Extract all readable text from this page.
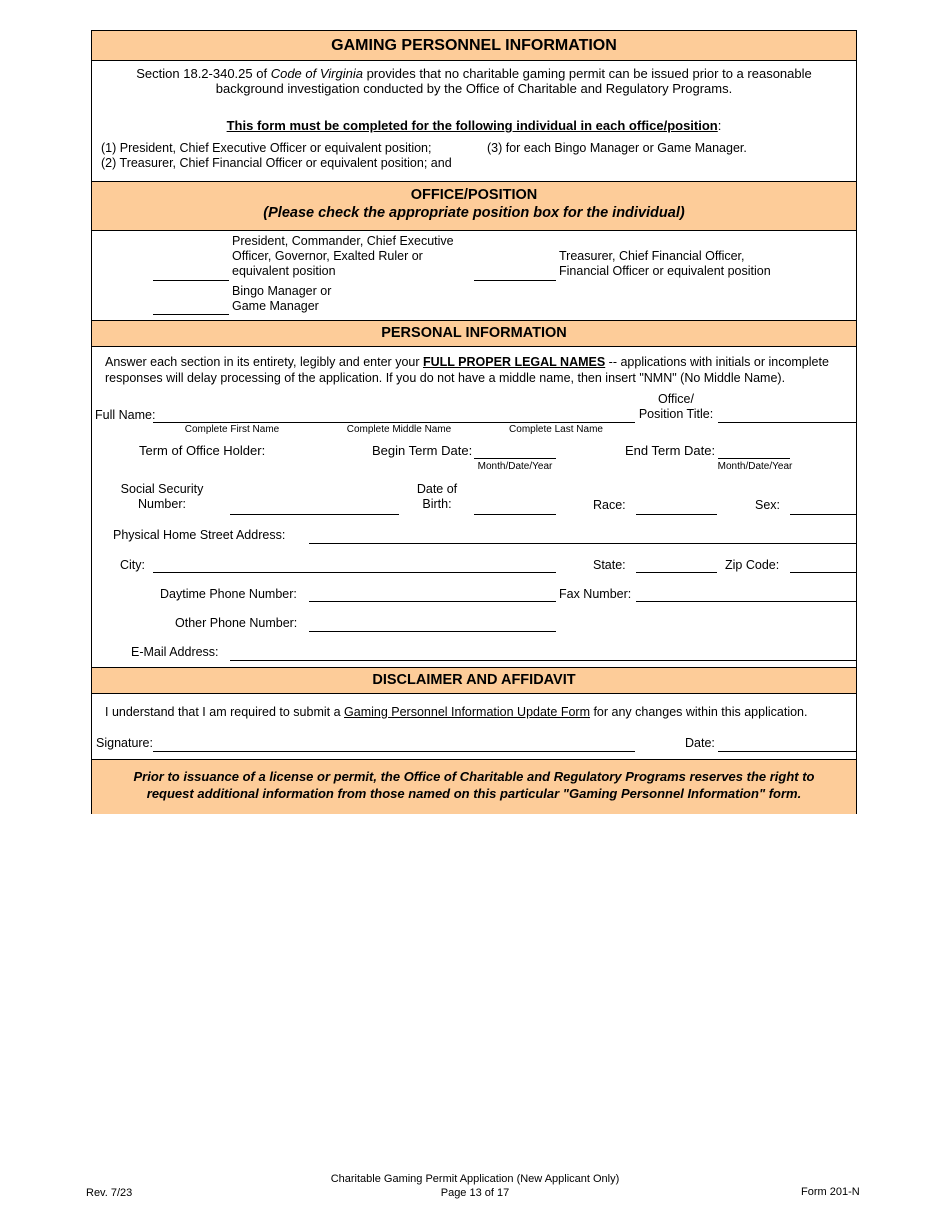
GAMING PERSONNEL INFORMATION
Section 18.2-340.25 of Code of Virginia provides that no charitable gaming permit can be issued prior to a reasonable
background investigation conducted by the Office of Charitable and Regulatory Programs.
This form must be completed for the following individual in each office/position:
(1) President, Chief Executive Officer or equivalent position;
(2) Treasurer, Chief Financial Officer or equivalent position; and
(3) for each Bingo Manager or Game Manager.
OFFICE/POSITION
(Please check the appropriate position box for the individual)
President, Commander, Chief Executive
Officer, Governor, Exalted Ruler or
equivalent position
Treasurer, Chief Financial Officer,
Financial Officer or equivalent position
Bingo Manager or
Game Manager
PERSONAL INFORMATION
Answer each section in its entirety, legibly and enter your FULL PROPER LEGAL NAMES -- applications with initials or incomplete
responses will delay processing of the application. If you do not have a middle name, then insert "NMN" (No Middle Name).
Full Name:
Complete First Name	Complete Middle Name	Complete Last Name
Office/
Position Title:
Term of Office Holder:	Begin Term Date:
Month/Date/Year
End Term Date:
Month/Date/Year
Social Security
Number:
Date of
Birth:	Race:	Sex:
Physical Home Street Address:
City:	State:	Zip Code:
Daytime Phone Number:	Fax Number:
Other Phone Number:
E-Mail Address:
DISCLAIMER AND AFFIDAVIT
I understand that I am required to submit a Gaming Personnel Information Update Form for any changes within this application.
Signature:	Date:
Prior to issuance of a license or permit, the Office of Charitable and Regulatory Programs reserves the right to
request additional information from those named on this particular "Gaming Personnel Information" form.
Rev. 7/23
Charitable Gaming Permit Application (New Applicant Only)
Page 13 of 17	Form 201-N
